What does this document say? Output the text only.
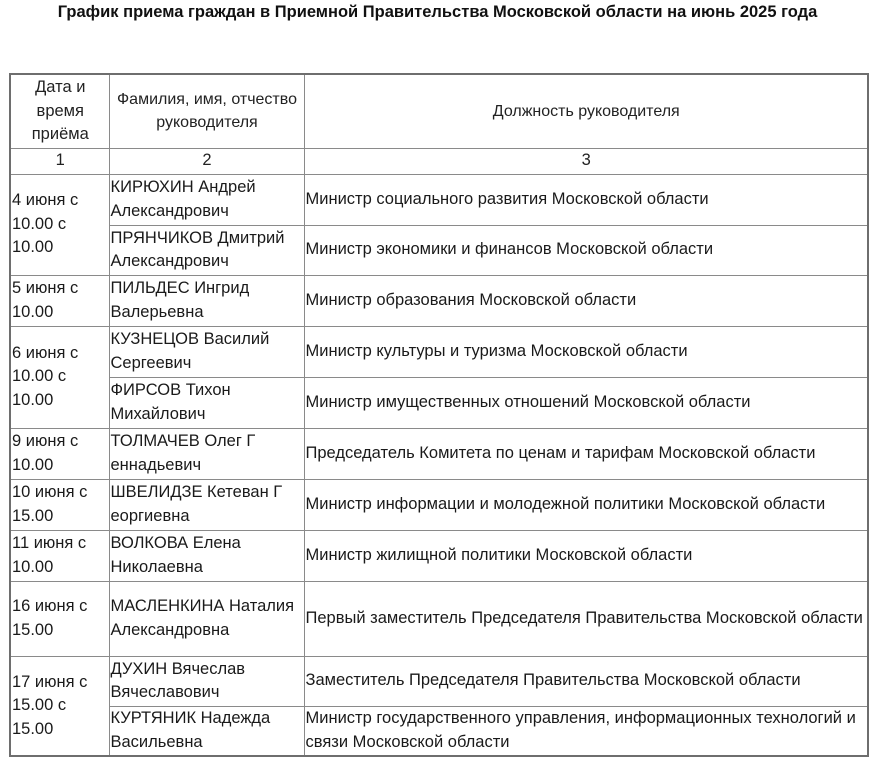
График приема граждан в Приемной Правительства Московской области на июнь 2025 года
Дата и время приёма	Фамилия, имя, отчество руководителя	Должность руководителя
1	2	3
4 июня с 10.00 с 10.00	КИРЮХИН Андрей Александрович	Министр социального развития Московской области
	ПРЯНЧИКОВ Дмитрий Александрович	Министр экономики и финансов Московской области
5 июня с 10.00	ПИЛЬДЕС Ингрид Валерьевна	Министр образования Московской области
6 июня с 10.00 с 10.00	КУЗНЕЦОВ Василий Сергеевич	Министр культуры и туризма Московской области
	ФИРСОВ Тихон Михайлович	Министр имущественных отношений Московской области
9 июня с 10.00	ТОЛМАЧЕВ Олег Г еннадьевич	Председатель Комитета по ценам и тарифам Московской области
10 июня с 15.00	ШВЕЛИДЗЕ Кетеван Г еоргиевна	Министр информации и молодежной политики Московской области
11 июня с 10.00	ВОЛКОВА Елена Николаевна	Министр жилищной политики Московской области
16 июня с 15.00	МАСЛЕНКИНА Наталия Александровна	Первый заместитель Председателя Правительства Московской области
17 июня с 15.00 с 15.00	ДУХИН Вячеслав Вячеславович	Заместитель Председателя Правительства Московской области
	КУРТЯНИК Надежда Васильевна	Министр государственного управления, информационных технологий и связи Московской области
